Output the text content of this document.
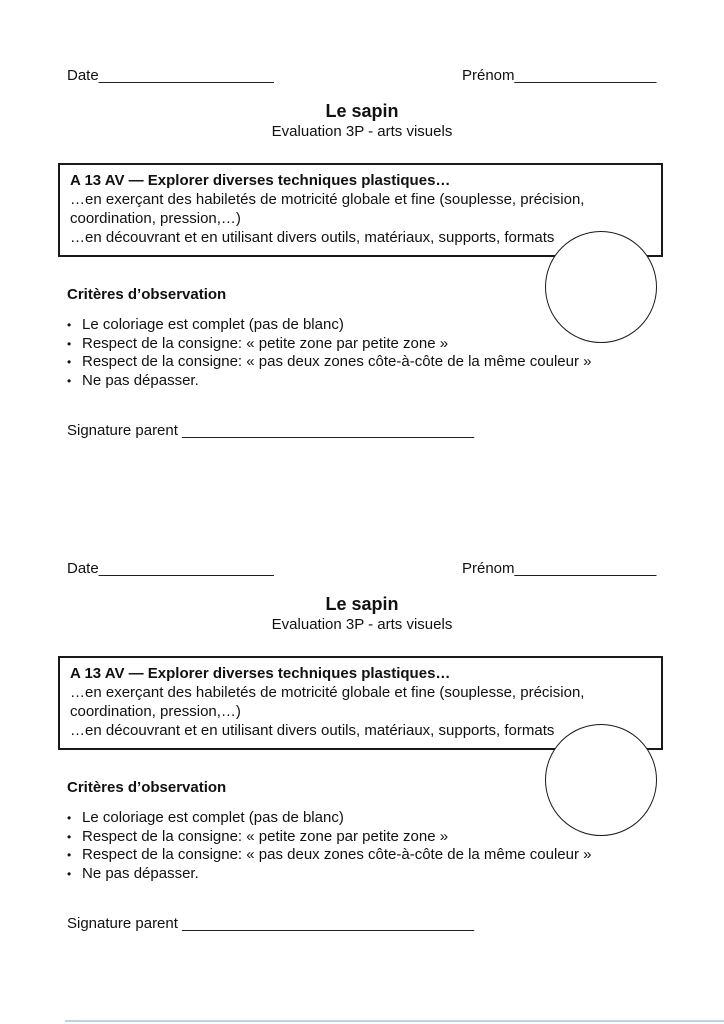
Date_____________________	Prénom_________________
Le sapin
Evaluation 3P - arts visuels
A 13 AV — Explorer diverses techniques plastiques…
…en exerçant des habiletés de motricité globale et fine (souplesse, précision, coordination, pression,…)
…en découvrant et en utilisant divers outils, matériaux, supports, formats
Critères d’observation
• Le coloriage est complet (pas de blanc)
• Respect de la consigne: « petite zone par petite zone »
• Respect de la consigne: « pas deux zones côte-à-côte de la même couleur »
• Ne pas dépasser.
Signature parent ___________________________________
Date_____________________	Prénom_________________
Le sapin
Evaluation 3P - arts visuels
A 13 AV — Explorer diverses techniques plastiques…
…en exerçant des habiletés de motricité globale et fine (souplesse, précision, coordination, pression,…)
…en découvrant et en utilisant divers outils, matériaux, supports, formats
Critères d’observation
• Le coloriage est complet (pas de blanc)
• Respect de la consigne: « petite zone par petite zone »
• Respect de la consigne: « pas deux zones côte-à-côte de la même couleur »
• Ne pas dépasser.
Signature parent ___________________________________
